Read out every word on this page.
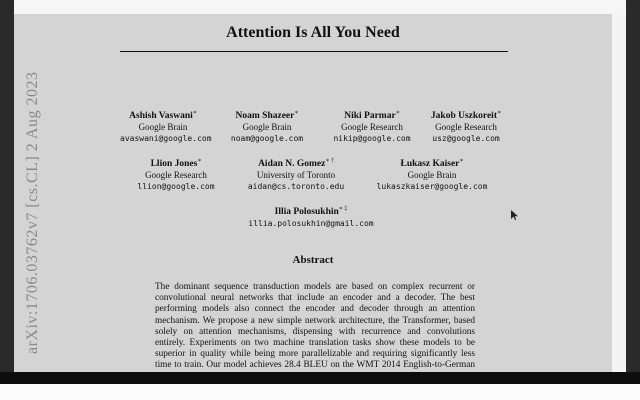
arXiv:1706.03762v7 [cs.CL] 2 Aug 2023
Attention Is All You Need
Ashish Vaswani∗
Google Brain
avaswani@google.com
Noam Shazeer∗
Google Brain
noam@google.com
Niki Parmar∗
Google Research
nikip@google.com
Jakob Uszkoreit∗
Google Research
usz@google.com
Llion Jones∗
Google Research
llion@google.com
Aidan N. Gomez∗ †
University of Toronto
aidan@cs.toronto.edu
Łukasz Kaiser∗
Google Brain
lukaszkaiser@google.com
Illia Polosukhin∗ ‡
illia.polosukhin@gmail.com
Abstract
The dominant sequence transduction models are based on complex recurrent or convolutional neural networks that include an encoder and a decoder. The best performing models also connect the encoder and decoder through an attention mechanism. We propose a new simple network architecture, the Transformer, based solely on attention mechanisms, dispensing with recurrence and convolutions entirely. Experiments on two machine translation tasks show these models to be superior in quality while being more parallelizable and requiring significantly less time to train. Our model achieves 28.4 BLEU on the WMT 2014 English-to-German
